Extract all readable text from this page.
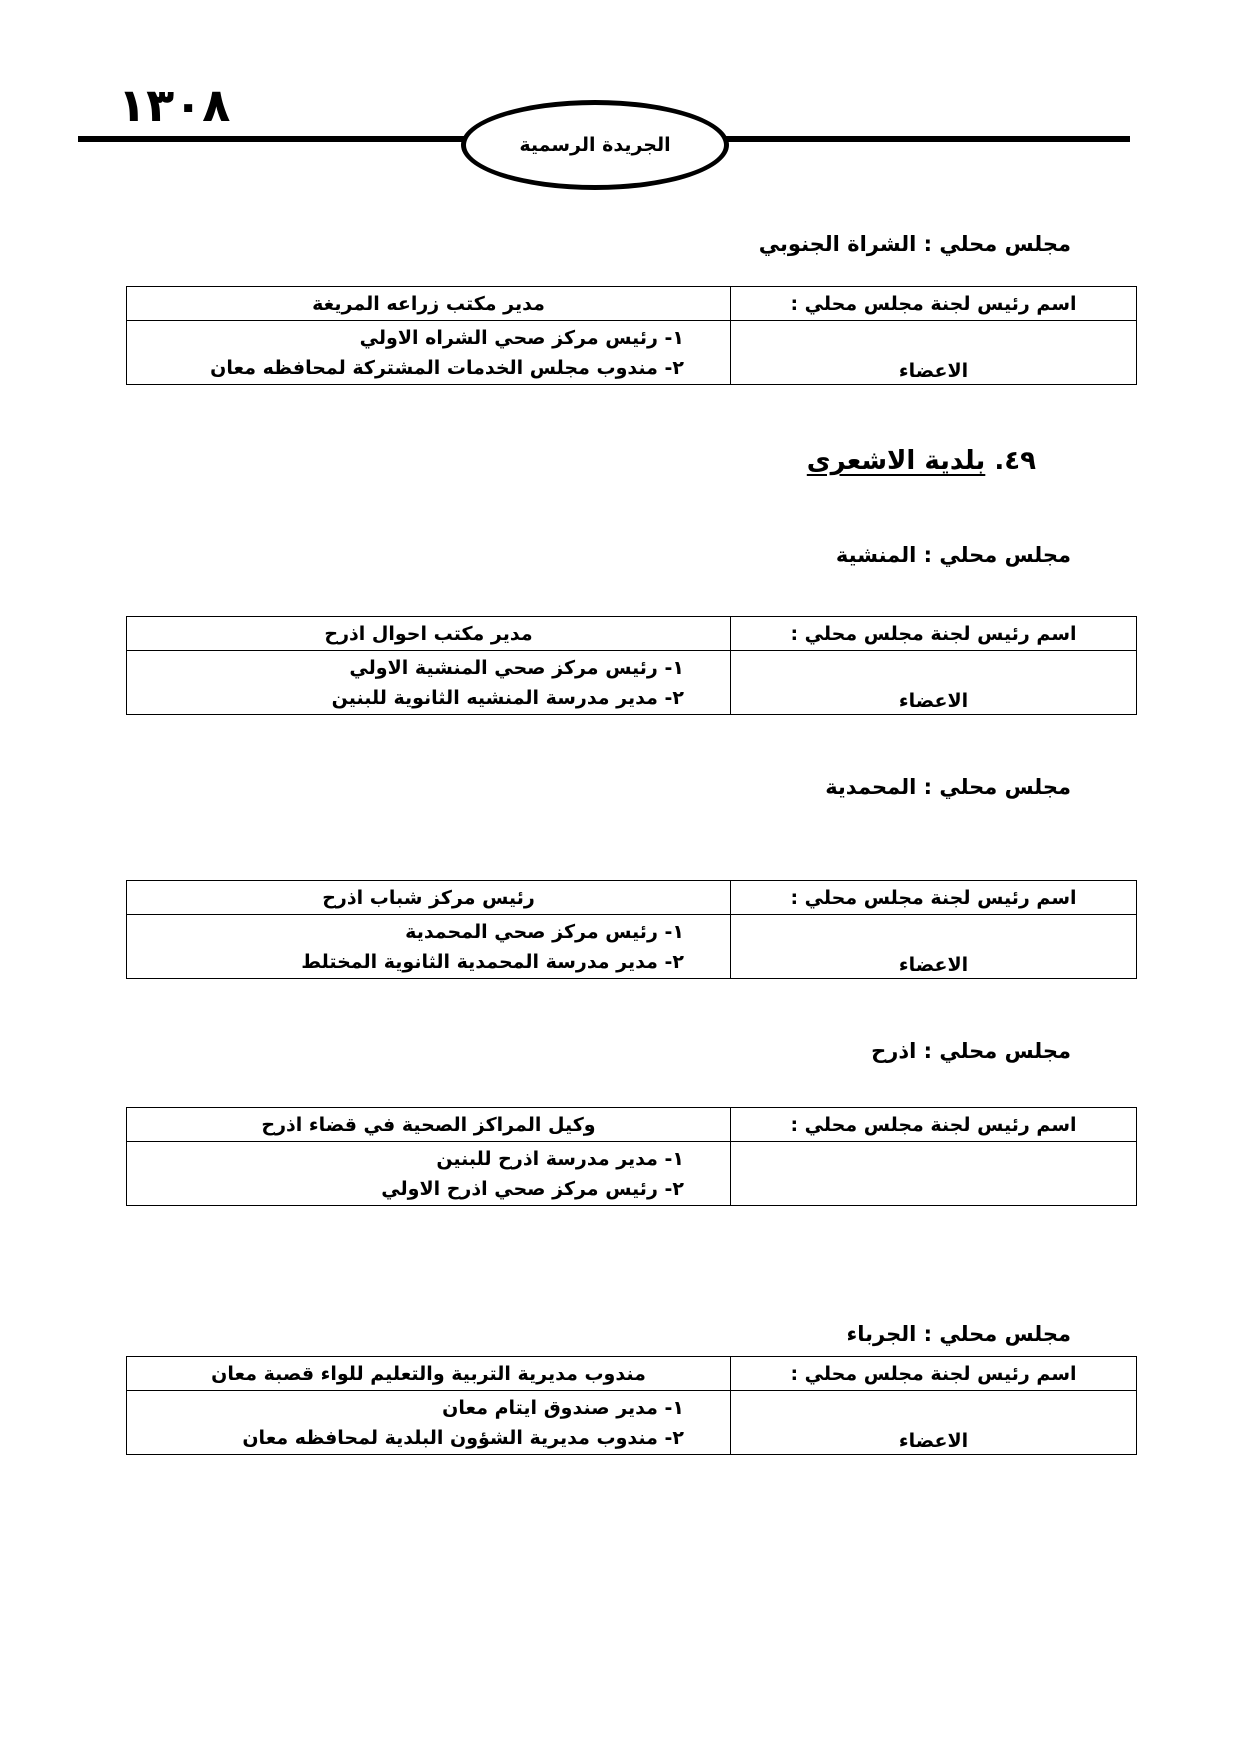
١٣٠٨
الجريدة الرسمية
مجلس محلي : الشراة الجنوبي
اسم رئيس لجنة مجلس محلي :	مدير مكتب زراعه المريغة
الاعضاء	١- رئيس مركز صحي الشراه الاولي
٢- مندوب مجلس الخدمات المشتركة لمحافظه معان
٤٩. بلدية الاشعرى
مجلس محلي : المنشية
اسم رئيس لجنة مجلس محلي :	مدير مكتب احوال اذرح
الاعضاء	١- رئيس مركز صحي المنشية الاولي
٢- مدير مدرسة المنشيه الثانوية للبنين
مجلس محلي : المحمدية
اسم رئيس لجنة مجلس محلي :	رئيس مركز شباب اذرح
الاعضاء	١- رئيس مركز صحي المحمدية
٢- مدير مدرسة المحمدية الثانوية المختلط
مجلس محلي : اذرح
اسم رئيس لجنة مجلس محلي :	وكيل المراكز الصحية في قضاء اذرح

	١- مدير مدرسة اذرح للبنين
٢- رئيس مركز صحي اذرح الاولي
مجلس محلي : الجرباء
اسم رئيس لجنة مجلس محلي :	مندوب مديرية التربية والتعليم للواء قصبة معان
الاعضاء	١- مدير صندوق ايتام معان
٢- مندوب مديرية الشؤون البلدية لمحافظه معان
